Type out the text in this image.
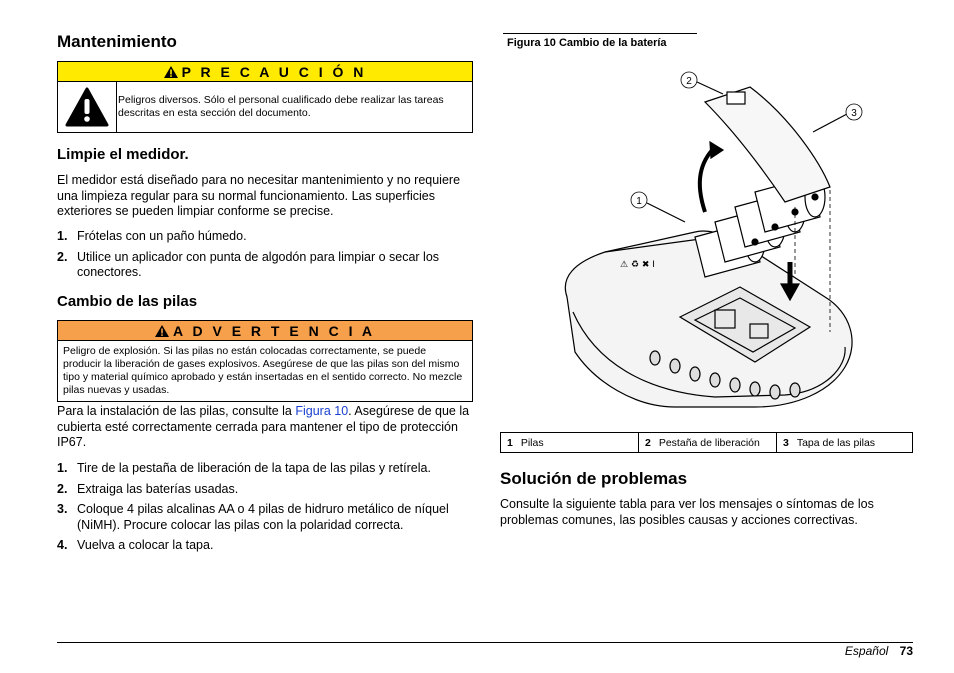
Mantenimiento
P R E C A U C I Ó N
Peligros diversos. Sólo el personal cualificado debe realizar las tareas descritas en esta sección del documento.
Limpie el medidor.
El medidor está diseñado para no necesitar mantenimiento y no requiere una limpieza regular para su normal funcionamiento. Las superficies exteriores se pueden limpiar conforme se precise.
1. Frótelas con un paño húmedo.
2. Utilice un aplicador con punta de algodón para limpiar o secar los conectores.
Cambio de las pilas
A D V E R T E N C I A
Peligro de explosión. Si las pilas no están colocadas correctamente, se puede producir la liberación de gases explosivos. Asegúrese de que las pilas son del mismo tipo y material químico aprobado y están insertadas en el sentido correcto. No mezcle pilas nuevas y usadas.
Para la instalación de las pilas, consulte la Figura 10. Asegúrese de que la cubierta esté correctamente cerrada para mantener el tipo de protección IP67.
1. Tire de la pestaña de liberación de la tapa de las pilas y retírela.
2. Extraiga las baterías usadas.
3. Coloque 4 pilas alcalinas AA o 4 pilas de hidruro metálico de níquel (NiMH). Procure colocar las pilas con la polaridad correcta.
4. Vuelva a colocar la tapa.
Figura 10 Cambio de la batería
⚠ ♻ ✖ I
1
2
3
1 Pilas	2 Pestaña de liberación	3 Tapa de las pilas
Solución de problemas
Consulte la siguiente tabla para ver los mensajes o síntomas de los problemas comunes, las posibles causas y acciones correctivas.
Español 73
